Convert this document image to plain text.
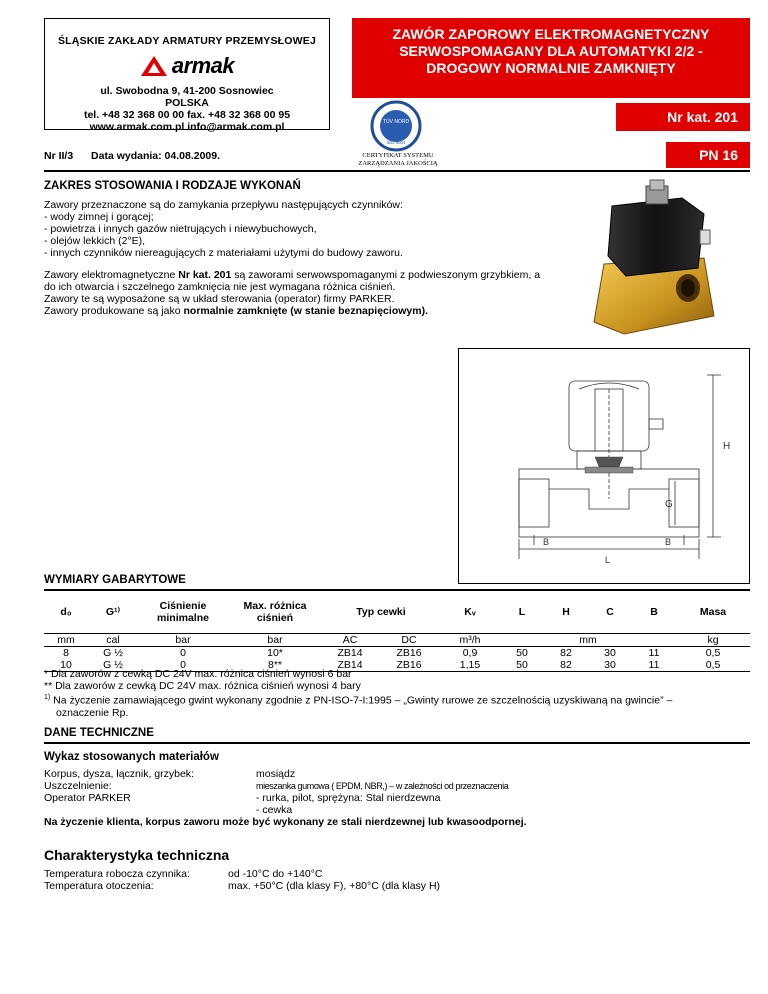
ŚLĄSKIE ZAKŁADY ARMATURY PRZEMYSŁOWEJ
armak
ul. Swobodna 9, 41-200 Sosnowiec
POLSKA
tel. +48 32 368 00 00 fax. +48 32 368 00 95
www.armak.com.pl info@armak.com.pl
ZAWÓR ZAPOROWY ELEKTROMAGNETYCZNY
SERWOSPOMAGANY DLA AUTOMATYKI 2/2 -
DROGOWY NORMALNIE ZAMKNIĘTY
Nr kat. 201
PN 16
TÜV NORD
ISO 9001
CERTYFIKAT SYSTEMU
ZARZĄDZANIA JAKOŚCIĄ
Nr II/3 Data wydania: 04.08.2009.
ZAKRES STOSOWANIA I RODZAJE WYKONAŃ
Zawory przeznaczone są do zamykania przepływu następujących czynników:
- wody zimnej i gorącej;
- powietrza i innych gazów nietrujących i niewybuchowych,
- olejów lekkich (2°E),
- innych czynników niereagujących z materiałami użytymi do budowy zaworu.
Zawory elektromagnetyczne Nr kat. 201 są zaworami serwowspomaganymi z podwieszonym grzybkiem, a
do ich otwarcia i szczelnego zamknięcia nie jest wymagana różnica ciśnień.
Zawory te są wyposażone są w układ sterowania (operator) firmy PARKER.
Zawory produkowane są jako normalnie zamknięte (w stanie beznapięciowym).
H
G
B	B
L
WYMIARY GABARYTOWE
d₀	G¹⁾	Ciśnienie minimalne	Max. różnica ciśnień	Typ cewki		Kᵥ	L	H	C	B	Masa
mm	cal	bar	bar	AC	DC	m³/h	mm				kg
8	G ½	0	10*	ZB14	ZB16	0,9	50	82	30	11	0,5
10	G ½	0	8**	ZB14	ZB16	1,15	50	82	30	11	0,5
* Dla zaworów z cewką DC 24V max. różnica ciśnień wynosi 6 bar
** Dla zaworów z cewką DC 24V max. różnica ciśnień wynosi 4 bary
$^{1)}$ Na życzenie zamawiającego gwint wykonany zgodnie z PN-ISO-7-I:1995 – „Gwinty rurowe ze szczelnością uzyskiwaną na gwincie” –
oznaczenie Rp.
DANE TECHNICZNE
Wykaz stosowanych materiałów
Korpus, dysza, łącznik, grzybek:	mosiądz
Uszczelnienie:	mieszanka gumowa ( EPDM, NBR,) – w zależności od przeznaczenia
Operator PARKER	- rurka, pilot, sprężyna: Stal nierdzewna
- cewka
Na życzenie klienta, korpus zaworu może być wykonany ze stali nierdzewnej lub kwasoodpornej.
Charakterystyka techniczna
Temperatura robocza czynnika:	od -10°C do +140°C
Temperatura otoczenia:	max. +50°C (dla klasy F), +80°C (dla klasy H)
